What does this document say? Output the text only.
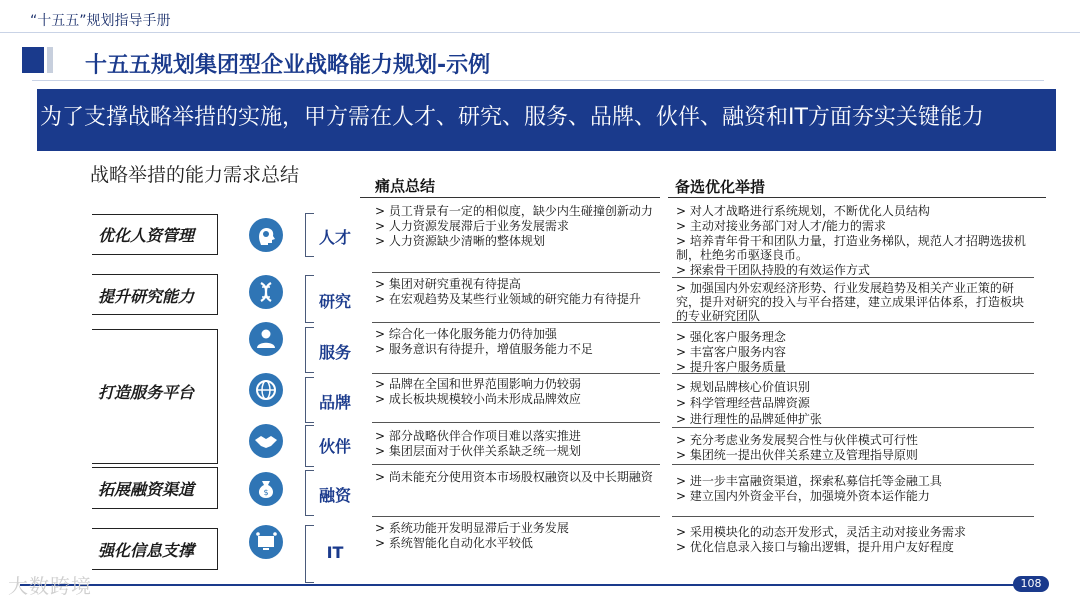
“十五五”规划指导手册
十五五规划集团型企业战略能力规划-示例
为了支撑战略举措的实施，甲方需在人才、研究、服务、品牌、伙伴、融资和IT方面夯实关键能力
战略举措的能力需求总结	痛点总结	备选优化举措
优化人资管理
提升研究能力
打造服务平台
拓展融资渠道
强化信息支撑
$
人才
研究
服务
品牌
伙伴
融资
IT
> 员工背景有一定的相似度，缺少内生碰撞创新动力
> 人力资源发展滞后于业务发展需求
> 人力资源缺少清晰的整体规划
> 集团对研究重视有待提高
> 在宏观趋势及某些行业领域的研究能力有待提升
> 综合化一体化服务能力仍待加强
> 服务意识有待提升，增值服务能力不足
> 品牌在全国和世界范围影响力仍较弱
> 成长板块规模较小尚未形成品牌效应
> 部分战略伙伴合作项目难以落实推进
> 集团层面对于伙伴关系缺乏统一规划
> 尚未能充分使用资本市场股权融资以及中长期融资
> 系统功能开发明显滞后于业务发展
> 系统智能化自动化水平较低
> 对人才战略进行系统规划，不断优化人员结构
> 主动对接业务部门对人才/能力的需求
> 培养青年骨干和团队力量，打造业务梯队，规范人才招聘选拔机制，杜绝劣币驱逐良币。
> 探索骨干团队持股的有效运作方式
> 加强国内外宏观经济形势、行业发展趋势及相关产业正策的研究，提升对研究的投入与平台搭建，建立成果评估体系，打造板块的专业研究团队
> 强化客户服务理念
> 丰富客户服务内容
> 提升客户服务质量
> 规划品牌核心价值识别
> 科学管理经营品牌资源
> 进行理性的品牌延伸扩张
> 充分考虑业务发展契合性与伙伴模式可行性
> 集团统一提出伙伴关系建立及管理指导原则
> 进一步丰富融资渠道，探索私募信托等金融工具
> 建立国内外资金平台，加强境外资本运作能力
> 采用模块化的动态开发形式，灵活主动对接业务需求
> 优化信息录入接口与输出逻辑，提升用户友好程度
108
大数跨境
